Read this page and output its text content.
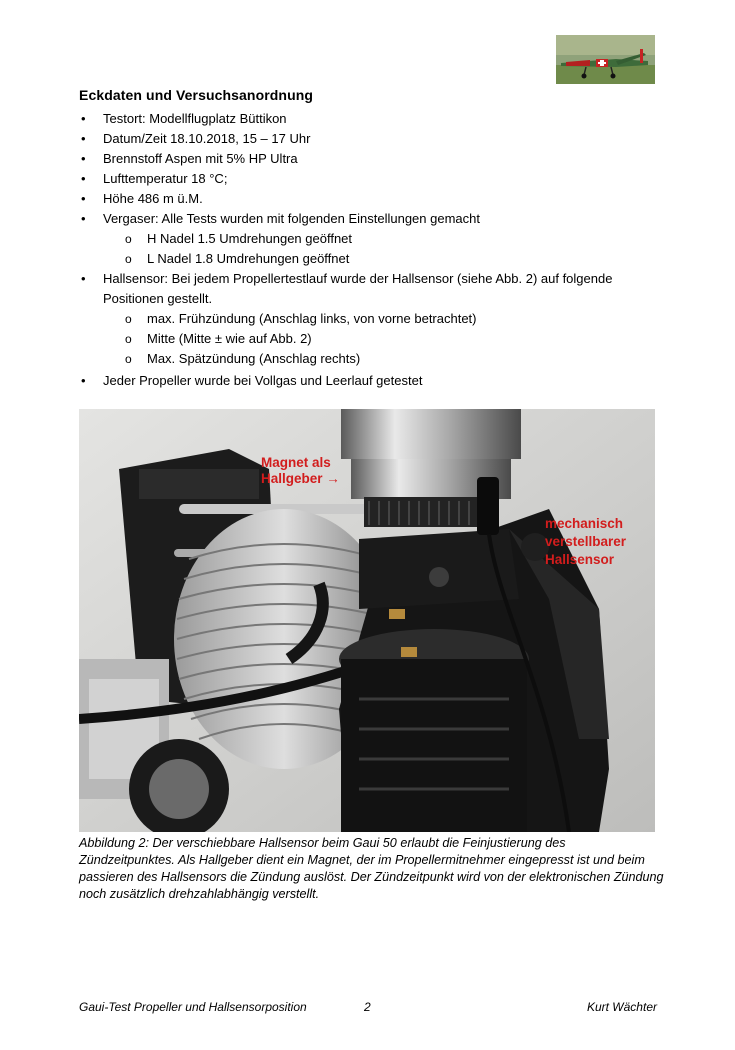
Eckdaten und Versuchsanordnung
• Testort: Modellflugplatz Büttikon
• Datum/Zeit 18.10.2018, 15 – 17 Uhr
• Brennstoff Aspen mit 5% HP Ultra
• Lufttemperatur 18 °C;
• Höhe 486 m ü.M.
• Vergaser: Alle Tests wurden mit folgenden Einstellungen gemacht
o H Nadel 1.5 Umdrehungen geöffnet
o L Nadel 1.8 Umdrehungen geöffnet
• Hallsensor: Bei jedem Propellertestlauf wurde der Hallsensor (siehe Abb. 2) auf folgende Positionen gestellt.
o max. Frühzündung (Anschlag links, von vorne betrachtet)
o Mitte (Mitte ± wie auf Abb. 2)
o Max. Spätzündung (Anschlag rechts)
• Jeder Propeller wurde bei Vollgas und Leerlauf getestet
Magnet als
Hallgeber →
mechanisch
verstellbarer
Hallsensor
Abbildung 2: Der verschiebbare Hallsensor beim Gaui 50 erlaubt die Feinjustierung des Zündzeitpunktes. Als Hallgeber dient ein Magnet, der im Propellermitnehmer eingepresst ist und beim passieren des Hallsensors die Zündung auslöst. Der Zündzeitpunkt wird von der elektronischen Zündung noch zusätzlich drehzahlabhängig verstellt.
Gaui-Test Propeller und Hallsensorposition	2	Kurt Wächter
